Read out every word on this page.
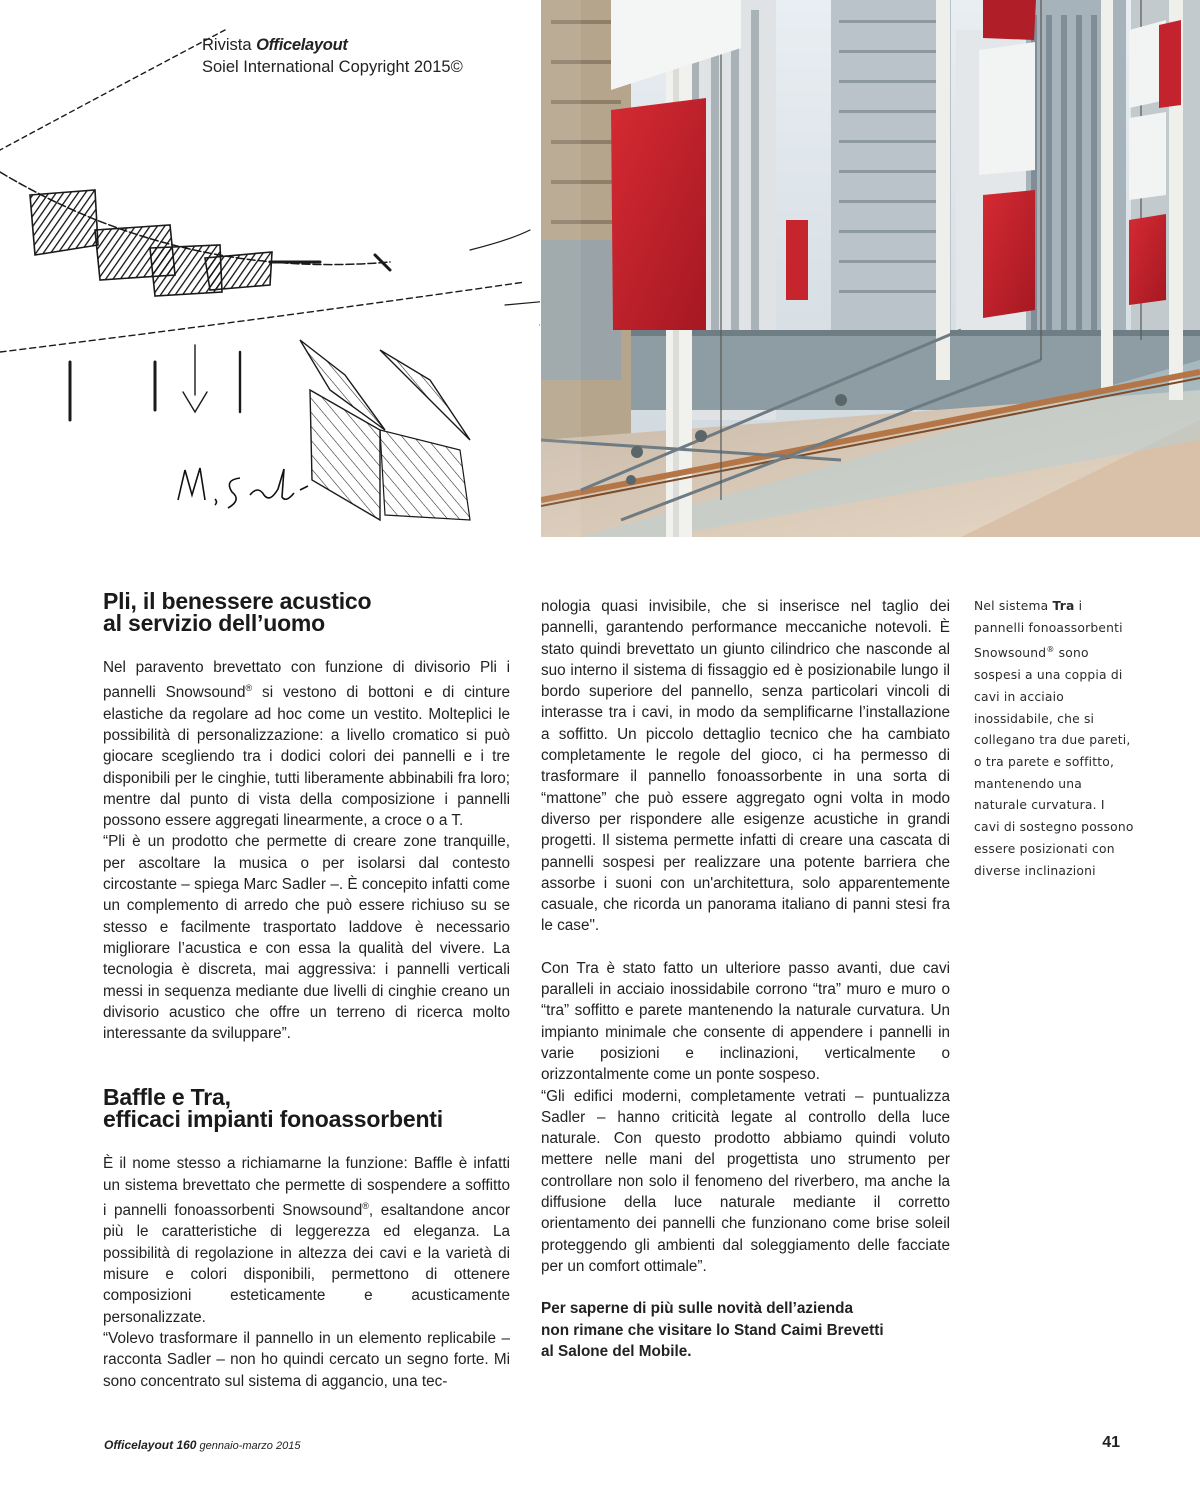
Rivista Officelayout
Soiel International Copyright 2015©
Pli, il benessere acustico
al servizio dell’uomo

Nel paravento brevettato con funzione di divisorio Pli i pannelli Snowsound® si vestono di bottoni e di cinture elastiche da regolare ad hoc come un vestito. Molteplici le possibilità di personalizzazione: a livello cromatico si può giocare scegliendo tra i dodici colori dei pannelli e i tre disponibili per le cinghie, tutti liberamente abbinabili fra loro; mentre dal punto di vista della composizione i pannelli possono essere aggregati linearmente, a croce o a T.

“Pli è un prodotto che permette di creare zone tranquille, per ascoltare la musica o per isolarsi dal contesto circostante – spiega Marc Sadler –. È concepito infatti come un complemento di arredo che può essere richiuso su se stesso e facilmente trasportato laddove è necessario migliorare l’acustica e con essa la qualità del vivere. La tecnologia è discreta, mai aggressiva: i pannelli verticali messi in sequenza mediante due livelli di cinghie creano un divisorio acustico che offre un terreno di ricerca molto interessante da sviluppare”.

Baffle e Tra,
efficaci impianti fonoassorbenti

È il nome stesso a richiamarne la funzione: Baffle è infatti un sistema brevettato che permette di sospendere a soffitto i pannelli fonoassorbenti Snowsound®, esaltandone ancor più le caratteristiche di leggerezza ed eleganza. La possibilità di regolazione in altezza dei cavi e la varietà di misure e colori disponibili, permettono di ottenere composizioni esteticamente e acusticamente personalizzate.

“Volevo trasformare il pannello in un elemento replicabile – racconta Sadler – non ho quindi cercato un segno forte. Mi sono concentrato sul sistema di aggancio, una tec-

nologia quasi invisibile, che si inserisce nel taglio dei pannelli, garantendo performance meccaniche notevoli. È stato quindi brevettato un giunto cilindrico che nasconde al suo interno il sistema di fissaggio ed è posizionabile lungo il bordo superiore del pannello, senza particolari vincoli di interasse tra i cavi, in modo da semplificarne l’installazione a soffitto. Un piccolo dettaglio tecnico che ha cambiato completamente le regole del gioco, ci ha permesso di trasformare il pannello fonoassorbente in una sorta di “mattone” che può essere aggregato ogni volta in modo diverso per rispondere alle esigenze acustiche in grandi progetti. Il sistema permette infatti di creare una cascata di pannelli sospesi per realizzare una potente barriera che assorbe i suoni con un'architettura, solo apparentemente casuale, che ricorda un panorama italiano di panni stesi fra le case".

Con Tra è stato fatto un ulteriore passo avanti, due cavi paralleli in acciaio inossidabile corrono “tra” muro e muro o “tra” soffitto e parete mantenendo la naturale curvatura. Un impianto minimale che consente di appendere i pannelli in varie posizioni e inclinazioni, verticalmente o orizzontalmente come un ponte sospeso.

“Gli edifici moderni, completamente vetrati – puntualizza Sadler – hanno criticità legate al controllo della luce naturale. Con questo prodotto abbiamo quindi voluto mettere nelle mani del progettista uno strumento per controllare non solo il fenomeno del riverbero, ma anche la diffusione della luce naturale mediante il corretto orientamento dei pannelli che funzionano come brise soleil proteggendo gli ambienti dal soleggiamento delle facciate per un comfort ottimale”.

Per saperne di più sulle novità dell’azienda
non rimane che visitare lo Stand Caimi Brevetti
al Salone del Mobile.

Nel sistema Tra i pannelli fonoassorbenti Snowsound® sono sospesi a una coppia di cavi in acciaio inossidabile, che si collegano tra due pareti, o tra parete e soffitto, mantenendo una naturale curvatura. I cavi di sostegno possono essere posizionati con diverse inclinazioni
Officelayout 160 gennaio-marzo 2015	41
